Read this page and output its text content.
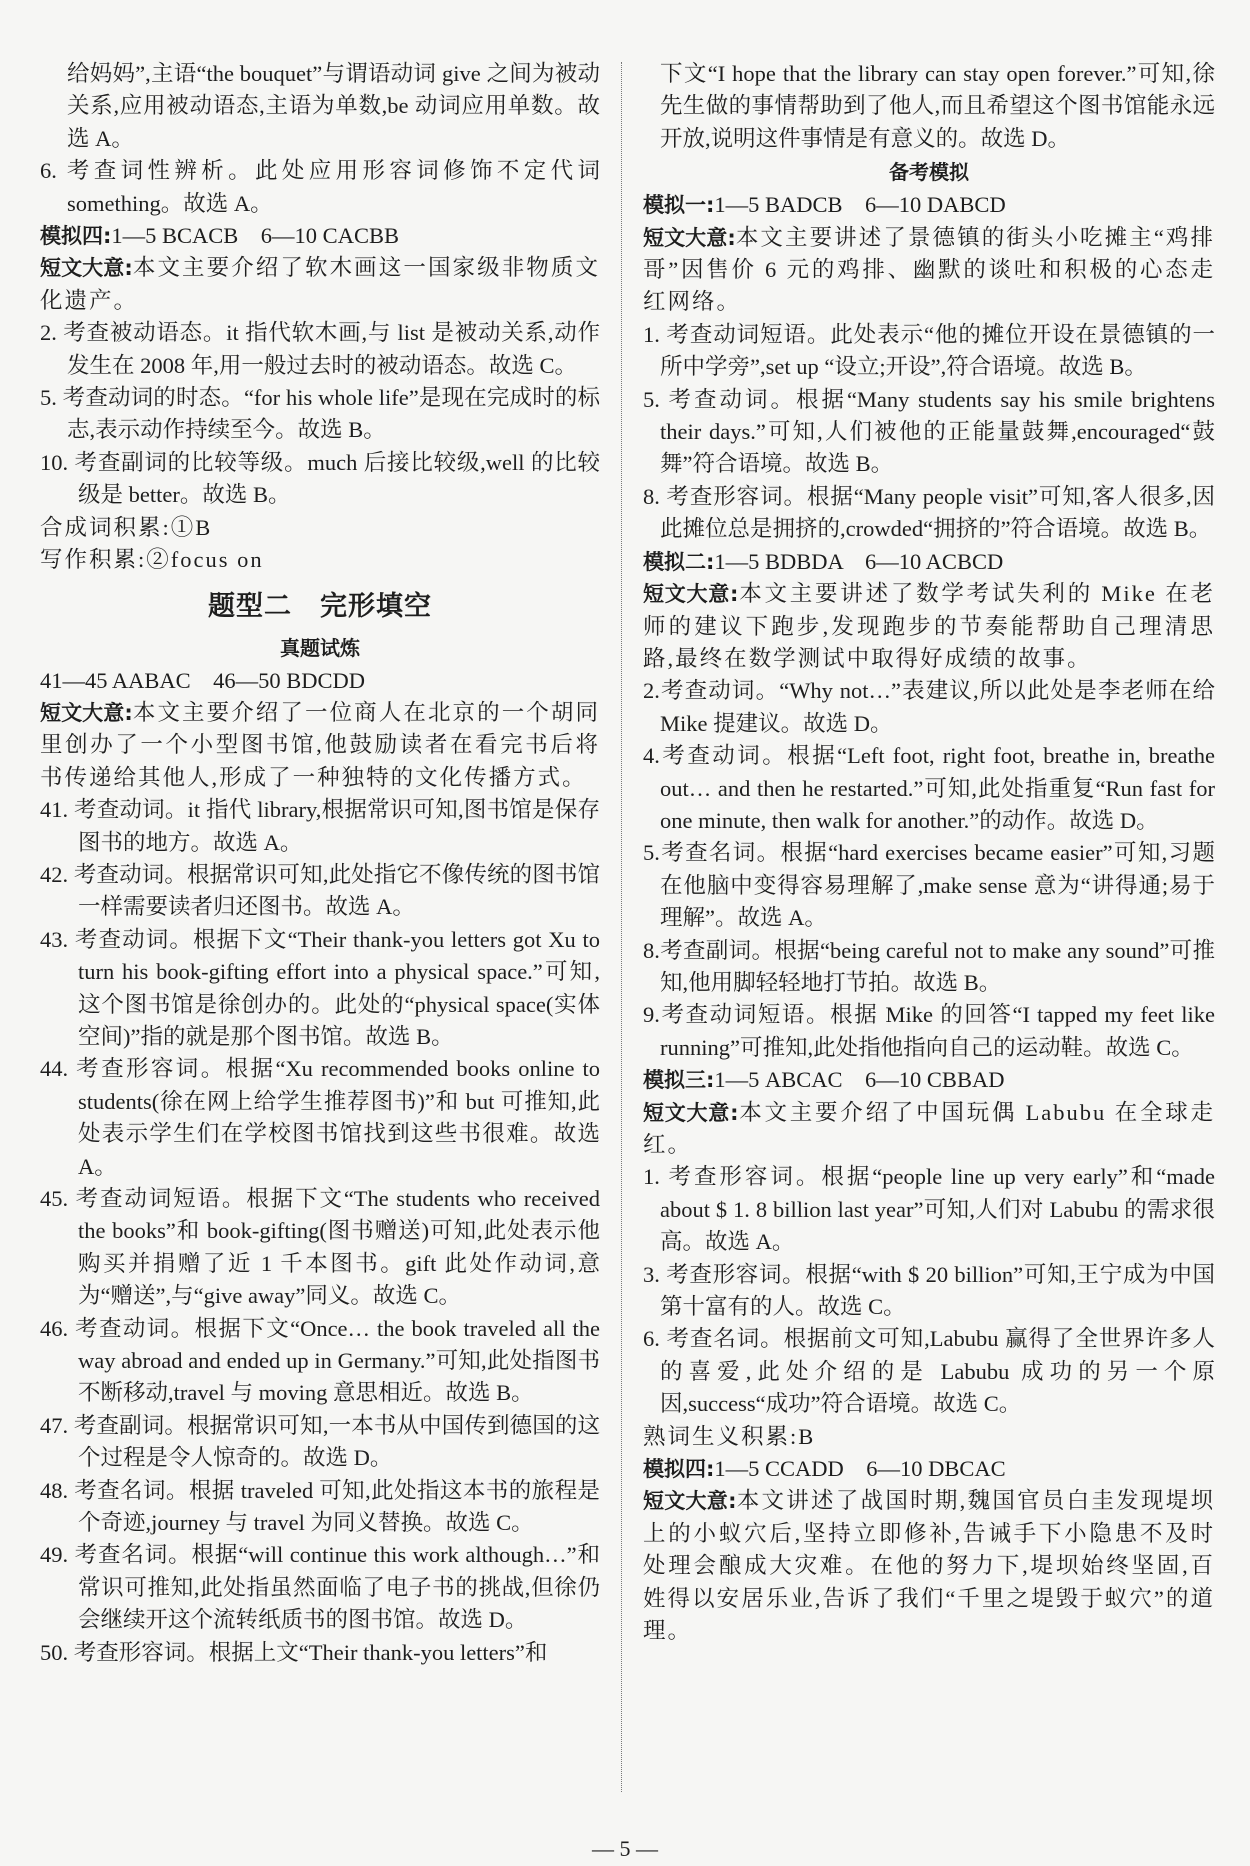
给妈妈”,主语“the bouquet”与谓语动词 give 之间为被动关系,应用被动语态,主语为单数,be 动词应用单数。故选 A。
6. 考查词性辨析。此处应用形容词修饰不定代词 something。故选 A。
模拟四:1—5 BCACB　6—10 CACBB
短文大意:本文主要介绍了软木画这一国家级非物质文化遗产。
2. 考查被动语态。it 指代软木画,与 list 是被动关系,动作发生在 2008 年,用一般过去时的被动语态。故选 C。
5. 考查动词的时态。“for his whole life”是现在完成时的标志,表示动作持续至今。故选 B。
10. 考查副词的比较等级。much 后接比较级,well 的比较级是 better。故选 B。
合成词积累:①B
写作积累:②focus on
题型二　完形填空
真题试炼
41—45 AABAC　46—50 BDCDD
短文大意:本文主要介绍了一位商人在北京的一个胡同里创办了一个小型图书馆,他鼓励读者在看完书后将书传递给其他人,形成了一种独特的文化传播方式。
41. 考查动词。it 指代 library,根据常识可知,图书馆是保存图书的地方。故选 A。
42. 考查动词。根据常识可知,此处指它不像传统的图书馆一样需要读者归还图书。故选 A。
43. 考查动词。根据下文“Their thank-you letters got Xu to turn his book-gifting effort into a physical space.”可知,这个图书馆是徐创办的。此处的“physical space(实体空间)”指的就是那个图书馆。故选 B。
44. 考查形容词。根据“Xu recommended books online to students(徐在网上给学生推荐图书)”和 but 可推知,此处表示学生们在学校图书馆找到这些书很难。故选 A。
45. 考查动词短语。根据下文“The students who received the books”和 book-gifting(图书赠送)可知,此处表示他购买并捐赠了近 1 千本图书。gift 此处作动词,意为“赠送”,与“give away”同义。故选 C。
46. 考查动词。根据下文“Once… the book traveled all the way abroad and ended up in Germany.”可知,此处指图书不断移动,travel 与 moving 意思相近。故选 B。
47. 考查副词。根据常识可知,一本书从中国传到德国的这个过程是令人惊奇的。故选 D。
48. 考查名词。根据 traveled 可知,此处指这本书的旅程是个奇迹,journey 与 travel 为同义替换。故选 C。
49. 考查名词。根据“will continue this work although…”和常识可推知,此处指虽然面临了电子书的挑战,但徐仍会继续开这个流转纸质书的图书馆。故选 D。
50. 考查形容词。根据上文“Their thank-you letters”和
下文“I hope that the library can stay open forever.”可知,徐先生做的事情帮助到了他人,而且希望这个图书馆能永远开放,说明这件事情是有意义的。故选 D。
备考模拟
模拟一:1—5 BADCB　6—10 DABCD
短文大意:本文主要讲述了景德镇的街头小吃摊主“鸡排哥”因售价 6 元的鸡排、幽默的谈吐和积极的心态走红网络。
1. 考查动词短语。此处表示“他的摊位开设在景德镇的一所中学旁”,set up “设立;开设”,符合语境。故选 B。
5. 考查动词。根据“Many students say his smile brightens their days.”可知,人们被他的正能量鼓舞,encouraged“鼓舞”符合语境。故选 B。
8. 考查形容词。根据“Many people visit”可知,客人很多,因此摊位总是拥挤的,crowded“拥挤的”符合语境。故选 B。
模拟二:1—5 BDBDA　6—10 ACBCD
短文大意:本文主要讲述了数学考试失利的 Mike 在老师的建议下跑步,发现跑步的节奏能帮助自己理清思路,最终在数学测试中取得好成绩的故事。
2.考查动词。“Why not…”表建议,所以此处是李老师在给 Mike 提建议。故选 D。
4.考查动词。根据“Left foot, right foot, breathe in, breathe out… and then he restarted.”可知,此处指重复“Run fast for one minute, then walk for another.”的动作。故选 D。
5.考查名词。根据“hard exercises became easier”可知,习题在他脑中变得容易理解了,make sense 意为“讲得通;易于理解”。故选 A。
8.考查副词。根据“being careful not to make any sound”可推知,他用脚轻轻地打节拍。故选 B。
9.考查动词短语。根据 Mike 的回答“I tapped my feet like running”可推知,此处指他指向自己的运动鞋。故选 C。
模拟三:1—5 ABCAC　6—10 CBBAD
短文大意:本文主要介绍了中国玩偶 Labubu 在全球走红。
1. 考查形容词。根据“people line up very early”和“made about $ 1. 8 billion last year”可知,人们对 Labubu 的需求很高。故选 A。
3. 考查形容词。根据“with $ 20 billion”可知,王宁成为中国第十富有的人。故选 C。
6. 考查名词。根据前文可知,Labubu 赢得了全世界许多人的喜爱,此处介绍的是 Labubu 成功的另一个原因,success“成功”符合语境。故选 C。
熟词生义积累:B
模拟四:1—5 CCADD　6—10 DBCAC
短文大意:本文讲述了战国时期,魏国官员白圭发现堤坝上的小蚁穴后,坚持立即修补,告诫手下小隐患不及时处理会酿成大灾难。在他的努力下,堤坝始终坚固,百姓得以安居乐业,告诉了我们“千里之堤毁于蚁穴”的道理。
— 5 —
